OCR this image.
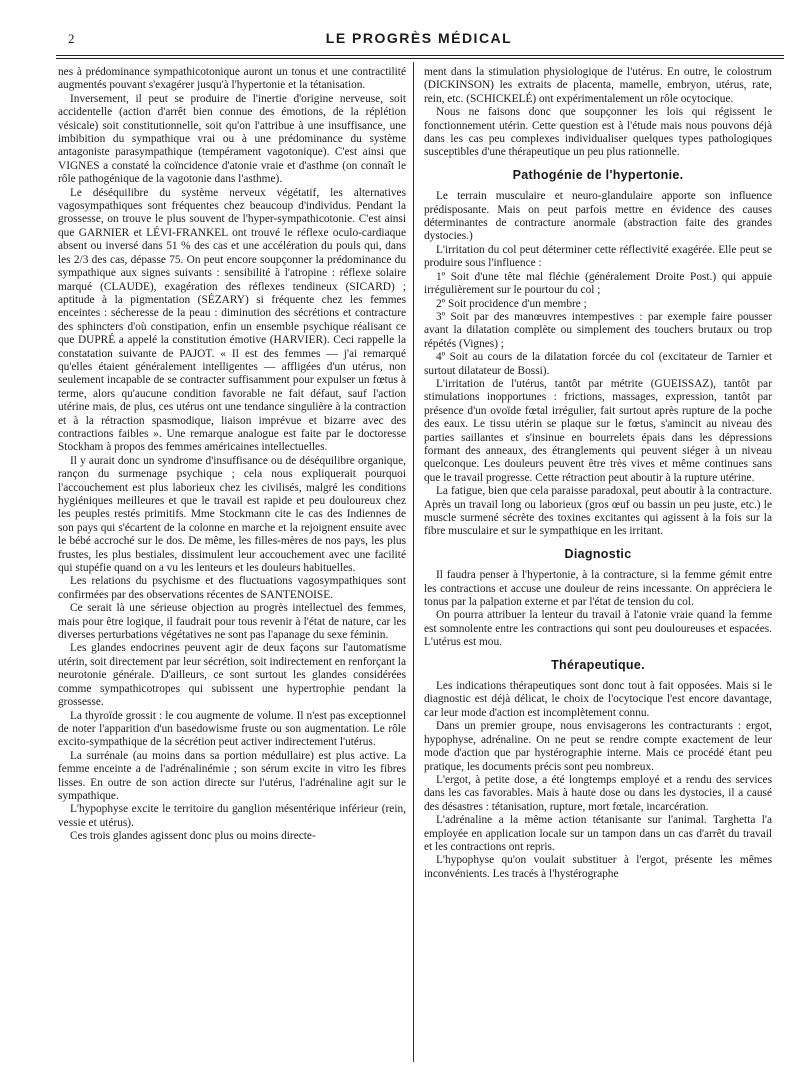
2	LE PROGRÈS MÉDICAL

nes à prédominance sympathicotonique auront un tonus et une contractilité augmentés pouvant s'exagérer jusqu'à l'hypertonie et la tétanisation.

Inversement, il peut se produire de l'inertie d'origine nerveuse, soit accidentelle (action d'arrêt bien connue des émotions, de la réplétion vésicale) soit constitutionnelle, soit qu'on l'attribue à une insuffisance, une imbibition du sympathique vrai ou à une prédominance du système antagoniste parasympathique (tempérament vagotonique). C'est ainsi que VIGNES a constaté la coïncidence d'atonie vraie et d'asthme (on connaît le rôle pathogénique de la vagotonie dans l'asthme).

Le déséquilibre du système nerveux végétatif, les alternatives vagosympathiques sont fréquentes chez beaucoup d'individus. Pendant la grossesse, on trouve le plus souvent de l'hyper-sympathicotonie. C'est ainsi que GARNIER et LÉVI-FRANKEL ont trouvé le réflexe oculo-cardiaque absent ou inversé dans 51 % des cas et une accélération du pouls qui, dans les 2/3 des cas, dépasse 75. On peut encore soupçonner la prédominance du sympathique aux signes suivants : sensibilité à l'atropine : réflexe solaire marqué (CLAUDE), exagération des réflexes tendineux (SICARD) ; aptitude à la pigmentation (SÉZARY) si fréquente chez les femmes enceintes : sécheresse de la peau : diminution des sécrétions et contracture des sphincters d'où constipation, enfin un ensemble psychique réalisant ce que DUPRÉ a appelé la constitution émotive (HARVIER). Ceci rappelle la constatation suivante de PAJOT. « Il est des femmes — j'ai remarqué qu'elles étaient généralement intelligentes — affligées d'un utérus, non seulement incapable de se contracter suffisamment pour expulser un fœtus à terme, alors qu'aucune condition favorable ne fait défaut, sauf l'action utérine mais, de plus, ces utérus ont une tendance singulière à la contraction et à la rétraction spasmodique, liaison imprévue et bizarre avec des contractions faibles ». Une remarque analogue est faite par le doctoresse Stockham à propos des femmes américaines intellectuelles.

Il y aurait donc un syndrome d'insuffisance ou de déséquilibre organique, rançon du surmenage psychique ; cela nous expliquerait pourquoi l'accouchement est plus laborieux chez les civilisés, malgré les conditions hygiéniques meilleures et que le travail est rapide et peu douloureux chez les peuples restés primitifs. Mme Stockmann cite le cas des Indiennes de son pays qui s'écartent de la colonne en marche et la rejoignent ensuite avec le bébé accroché sur le dos. De même, les filles-mères de nos pays, les plus frustes, les plus bestiales, dissimulent leur accouchement avec une facilité qui stupéfie quand on a vu les lenteurs et les douleurs habituelles.

Les relations du psychisme et des fluctuations vagosympathiques sont confirmées par des observations récentes de SANTENOISE.

Ce serait là une sérieuse objection au progrès intellectuel des femmes, mais pour être logique, il faudrait pour tous revenir à l'état de nature, car les diverses perturbations végétatives ne sont pas l'apanage du sexe féminin.

Les glandes endocrines peuvent agir de deux façons sur l'automatisme utérin, soit directement par leur sécrétion, soit indirectement en renforçant la neurotonie générale. D'ailleurs, ce sont surtout les glandes considérées comme sympathicotropes qui subissent une hypertrophie pendant la grossesse.

La thyroïde grossit : le cou augmente de volume. Il n'est pas exceptionnel de noter l'apparition d'un basedowisme fruste ou son augmentation. Le rôle excito-sympathique de la sécrétion peut activer indirectement l'utérus.

La surrénale (au moins dans sa portion médullaire) est plus active. La femme enceinte a de l'adrénalinémie ; son sérum excite in vitro les fibres lisses. En outre de son action directe sur l'utérus, l'adrénaline agit sur le sympathique.

L'hypophyse excite le territoire du ganglion mésentérique inférieur (rein, vessie et utérus).

Ces trois glandes agissent donc plus ou moins directe-

ment dans la stimulation physiologique de l'utérus. En outre, le colostrum (DICKINSON) les extraits de placenta, mamelle, embryon, utérus, rate, rein, etc. (SCHICKELÉ) ont expérimentalement un rôle ocytocique.

Nous ne faisons donc que soupçonner les lois qui régissent le fonctionnement utérin. Cette question est à l'étude mais nous pouvons déjà dans les cas peu complexes individualiser quelques types pathologiques susceptibles d'une thérapeutique un peu plus rationnelle.

Pathogénie de l'hypertonie.

Le terrain musculaire et neuro-glandulaire apporte son influence prédisposante. Mais on peut parfois mettre en évidence des causes déterminantes de contracture anormale (abstraction faite des grandes dystocies.)

L'irritation du col peut déterminer cette réflectivité exagérée. Elle peut se produire sous l'influence :

1º Soit d'une tête mal fléchie (généralement Droite Post.) qui appuie irrégulièrement sur le pourtour du col ;

2º Soit procidence d'un membre ;

3º Soit par des manœuvres intempestives : par exemple faire pousser avant la dilatation complète ou simplement des touchers brutaux ou trop répétés (Vignes) ;

4º Soit au cours de la dilatation forcée du col (excitateur de Tarnier et surtout dilatateur de Bossi).

L'irritation de l'utérus, tantôt par métrite (GUEISSAZ), tantôt par stimulations inopportunes : frictions, massages, expression, tantôt par présence d'un ovoïde fœtal irrégulier, fait surtout après rupture de la poche des eaux. Le tissu utérin se plaque sur le fœtus, s'amincit au niveau des parties saillantes et s'insinue en bourrelets épais dans les dépressions formant des anneaux, des étranglements qui peuvent siéger à un niveau quelconque. Les douleurs peuvent être très vives et même continues sans que le travail progresse. Cette rétraction peut aboutir à la rupture utérine.

La fatigue, bien que cela paraisse paradoxal, peut aboutir à la contracture. Après un travail long ou laborieux (gros œuf ou bassin un peu juste, etc.) le muscle surmené sécrète des toxines excitantes qui agissent à la fois sur la fibre musculaire et sur le sympathique en les irritant.

Diagnostic

Il faudra penser à l'hypertonie, à la contracture, si la femme gémit entre les contractions et accuse une douleur de reins incessante. On appréciera le tonus par la palpation externe et par l'état de tension du col.

On pourra attribuer la lenteur du travail à l'atonie vraie quand la femme est somnolente entre les contractions qui sont peu douloureuses et espacées. L'utérus est mou.

Thérapeutique.

Les indications thérapeutiques sont donc tout à fait opposées. Mais si le diagnostic est déjà délicat, le choix de l'ocytocique l'est encore davantage, car leur mode d'action est incomplètement connu.

Dans un premier groupe, nous envisagerons les contracturants : ergot, hypophyse, adrénaline. On ne peut se rendre compte exactement de leur mode d'action que par hystérographie interne. Mais ce procédé étant peu pratique, les documents précis sont peu nombreux.

L'ergot, à petite dose, a été longtemps employé et a rendu des services dans les cas favorables. Mais à haute dose ou dans les dystocies, il a causé des désastres : tétanisation, rupture, mort fœtale, incarcération.

L'adrénaline a la même action tétanisante sur l'animal. Targhetta l'a employée en application locale sur un tampon dans un cas d'arrêt du travail et les contractions ont repris.

L'hypophyse qu'on voulait substituer à l'ergot, présente les mêmes inconvénients. Les tracés à l'hystérographe
